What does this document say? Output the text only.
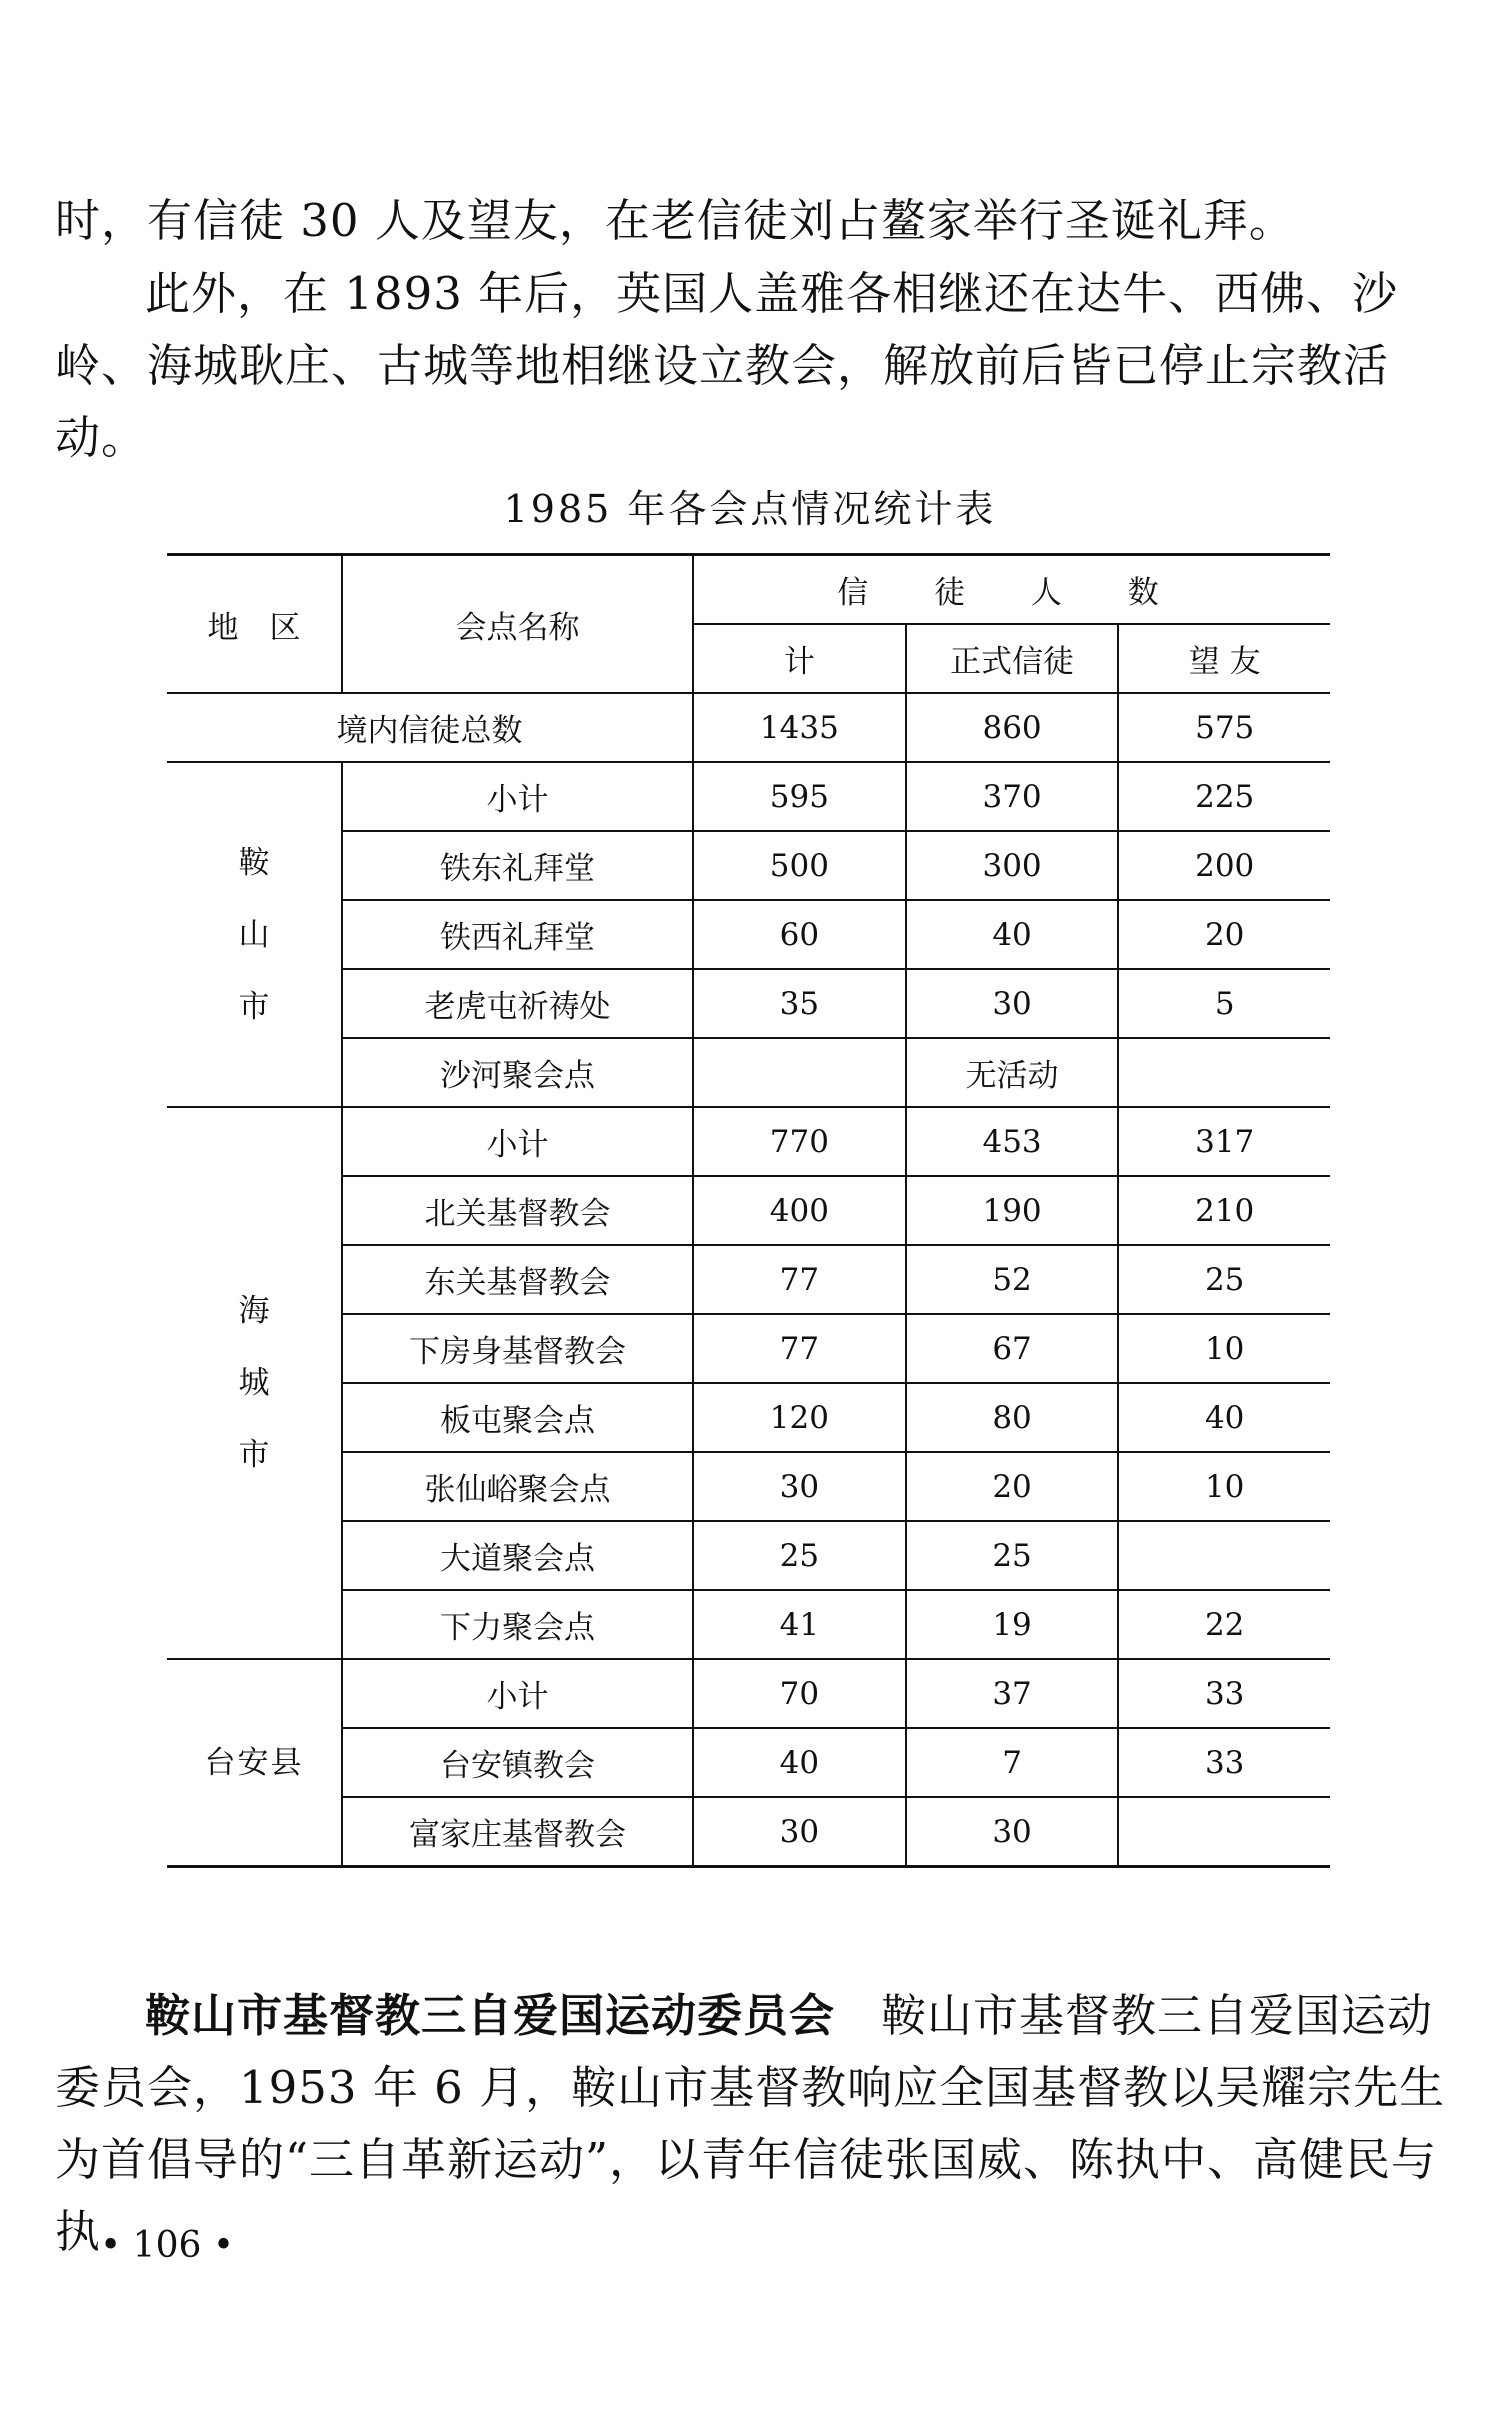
时，有信徒 30 人及望友，在老信徒刘占鳌家举行圣诞礼拜。

此外，在 1893 年后，英国人盖雅各相继还在达牛、西佛、沙岭、海城耿庄、古城等地相继设立教会，解放前后皆已停止宗教活动。

1985 年各会点情况统计表
地　区	会点名称	信 徒 人 数		
		计	正式信徒	望 友
境内信徒总数		1435	860	575
鞍山市	小计	595	370	225
	铁东礼拜堂	500	300	200
	铁西礼拜堂	60	40	20
	老虎屯祈祷处	35	30	5
	沙河聚会点		无活动	
海城市	小计	770	453	317
	北关基督教会	400	190	210
	东关基督教会	77	52	25
	下房身基督教会	77	67	10
	板屯聚会点	120	80	40
	张仙峪聚会点	30	20	10
	大道聚会点	25	25	
	下力聚会点	41	19	22
台安县	小计	70	37	33
	台安镇教会	40	7	33
	富家庄基督教会	30	30	

鞍山市基督教三自爱国运动委员会　 鞍山市基督教三自爱国运动委员会，1953 年 6 月，鞍山市基督教响应全国基督教以吴耀宗先生为首倡导的“三自革新运动”，以青年信徒张国威、陈执中、高健民与执

• 106 •
